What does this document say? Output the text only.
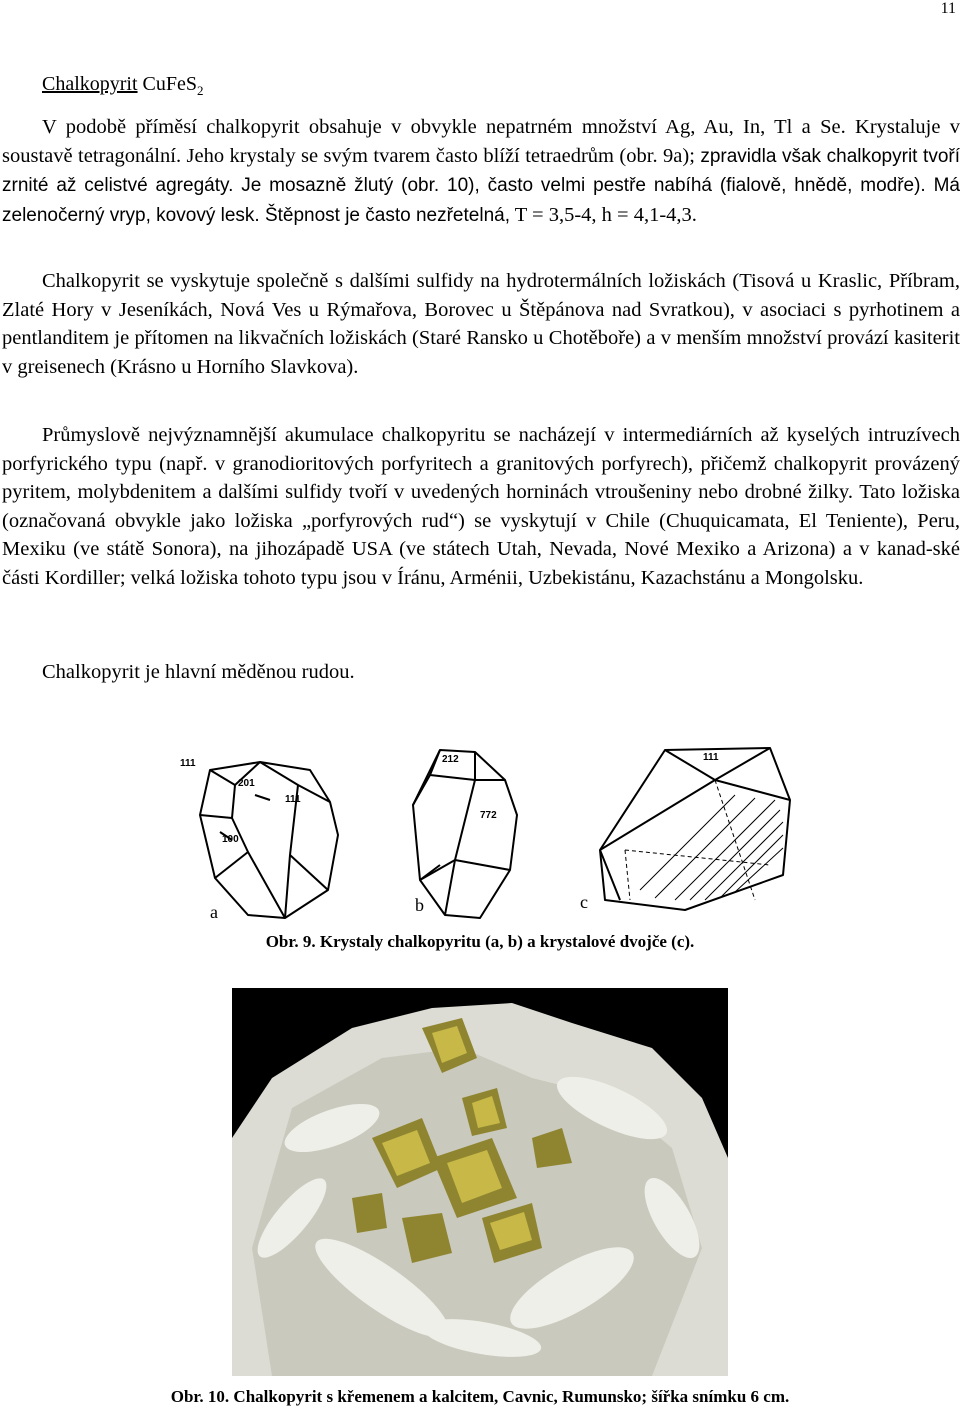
11
Chalkopyrit CuFeS$_2$

V podobě příměsí chalkopyrit obsahuje v obvykle nepatrném množství Ag, Au, In, Tl a Se. Krystaluje v soustavě tetragonální. Jeho krystaly se svým tvarem často blíží tetraedrům (obr. 9a); zpravidla však chalkopyrit tvoří zrnité až celistvé agregáty. Je mosazně žlutý (obr. 10), často velmi pestře nabíhá (fialově, hnědě, modře). Má zelenočerný vryp, kovový lesk. Štěpnost je často nezřetelná, T = 3,5-4, h = 4,1-4,3.

Chalkopyrit se vyskytuje společně s dalšími sulfidy na hydrotermálních ložiskách (Tisová u Kraslic, Příbram, Zlaté Hory v Jeseníkách, Nová Ves u Rýmařova, Borovec u Štěpánova nad Svratkou), v asociaci s pyrhotinem a pentlanditem je přítomen na likvačních ložiskách (Staré Ransko u Chotěboře) a v menším množství provází kasiterit v greisenech (Krásno u Horního Slavkova).

Průmyslově nejvýznamnější akumulace chalkopyritu se nacházejí v intermediárních až kyselých intruzívech porfyrického typu (např. v granodioritových porfyritech a granitových porfyrech), přičemž chalkopyrit provázený pyritem, molybdenitem a dalšími sulfidy tvoří v uvedených horninách vtroušeniny nebo drobné žilky. Tato ložiska (označovaná obvykle jako ložiska „porfyrových rud“) se vyskytují v Chile (Chuquicamata, El Teniente), Peru, Mexiku (ve státě Sonora), na jihozápadě USA (ve státech Utah, Nevada, Nové Mexiko a Arizona) a v kanad-ské části Kordiller; velká ložiska tohoto typu jsou v Íránu, Arménii, Uzbekistánu, Kazachstánu a Mongolsku.

Chalkopyrit je hlavní měděnou rudou.

111
201
111
100
a
212
772
b
111
c
Obr. 9. Krystaly chalkopyritu (a, b) a krystalové dvojče (c).
Obr. 10. Chalkopyrit s křemenem a kalcitem, Cavnic, Rumunsko; šířka snímku 6 cm.
